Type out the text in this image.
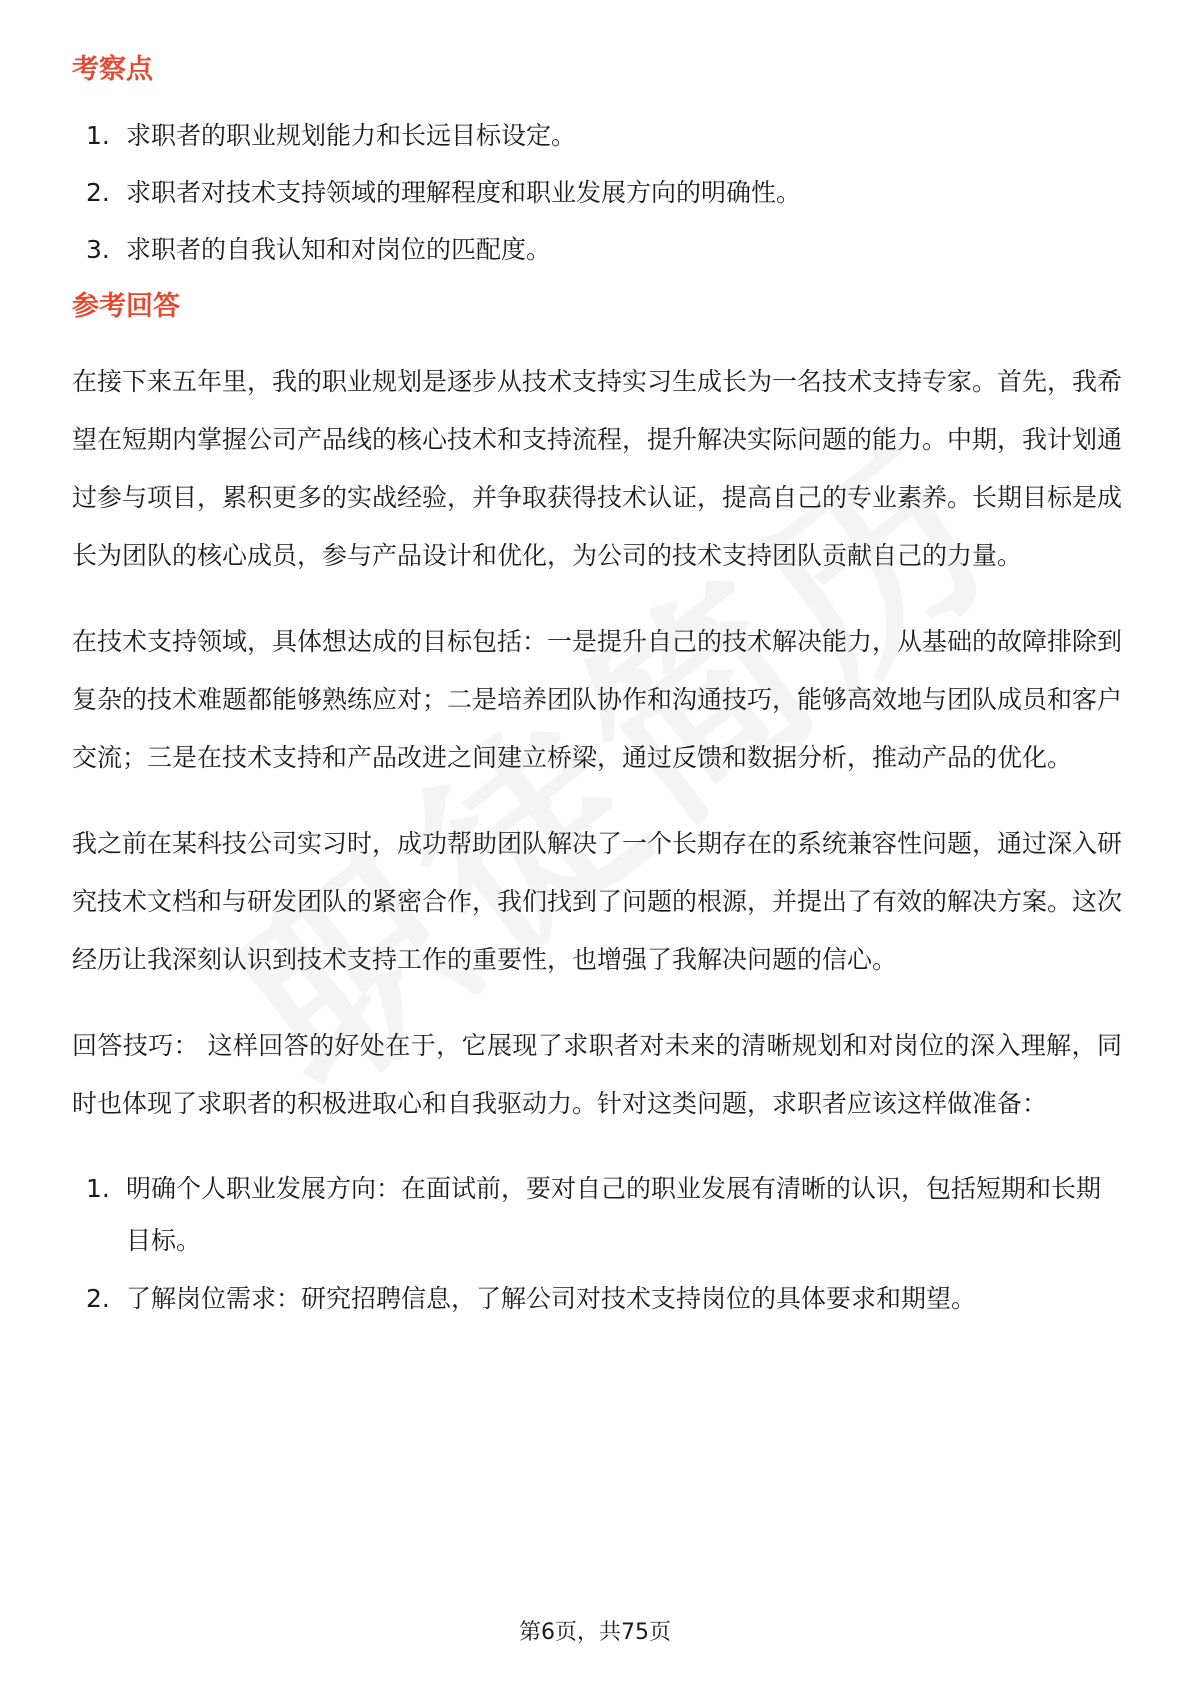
考察点
1. 求职者的职业规划能力和长远目标设定。
2. 求职者对技术支持领域的理解程度和职业发展方向的明确性。
3. 求职者的自我认知和对岗位的匹配度。
参考回答

在接下来五年里，我的职业规划是逐步从技术支持实习生成长为一名技术支持专家。首先，我希望在短期内掌握公司产品线的核心技术和支持流程，提升解决实际问题的能力。中期，我计划通过参与项目，累积更多的实战经验，并争取获得技术认证，提高自己的专业素养。长期目标是成长为团队的核心成员，参与产品设计和优化，为公司的技术支持团队贡献自己的力量。

在技术支持领域，具体想达成的目标包括：一是提升自己的技术解决能力，从基础的故障排除到复杂的技术难题都能够熟练应对；二是培养团队协作和沟通技巧，能够高效地与团队成员和客户交流；三是在技术支持和产品改进之间建立桥梁，通过反馈和数据分析，推动产品的优化。

我之前在某科技公司实习时，成功帮助团队解决了一个长期存在的系统兼容性问题，通过深入研究技术文档和与研发团队的紧密合作，我们找到了问题的根源，并提出了有效的解决方案。这次经历让我深刻认识到技术支持工作的重要性，也增强了我解决问题的信心。

回答技巧： 这样回答的好处在于，它展现了求职者对未来的清晰规划和对岗位的深入理解，同时也体现了求职者的积极进取心和自我驱动力。针对这类问题，求职者应该这样做准备：

1. 明确个人职业发展方向：在面试前，要对自己的职业发展有清晰的认识，包括短期和长期目标。
2. 了解岗位需求：研究招聘信息，了解公司对技术支持岗位的具体要求和期望。
第6页，共75页
